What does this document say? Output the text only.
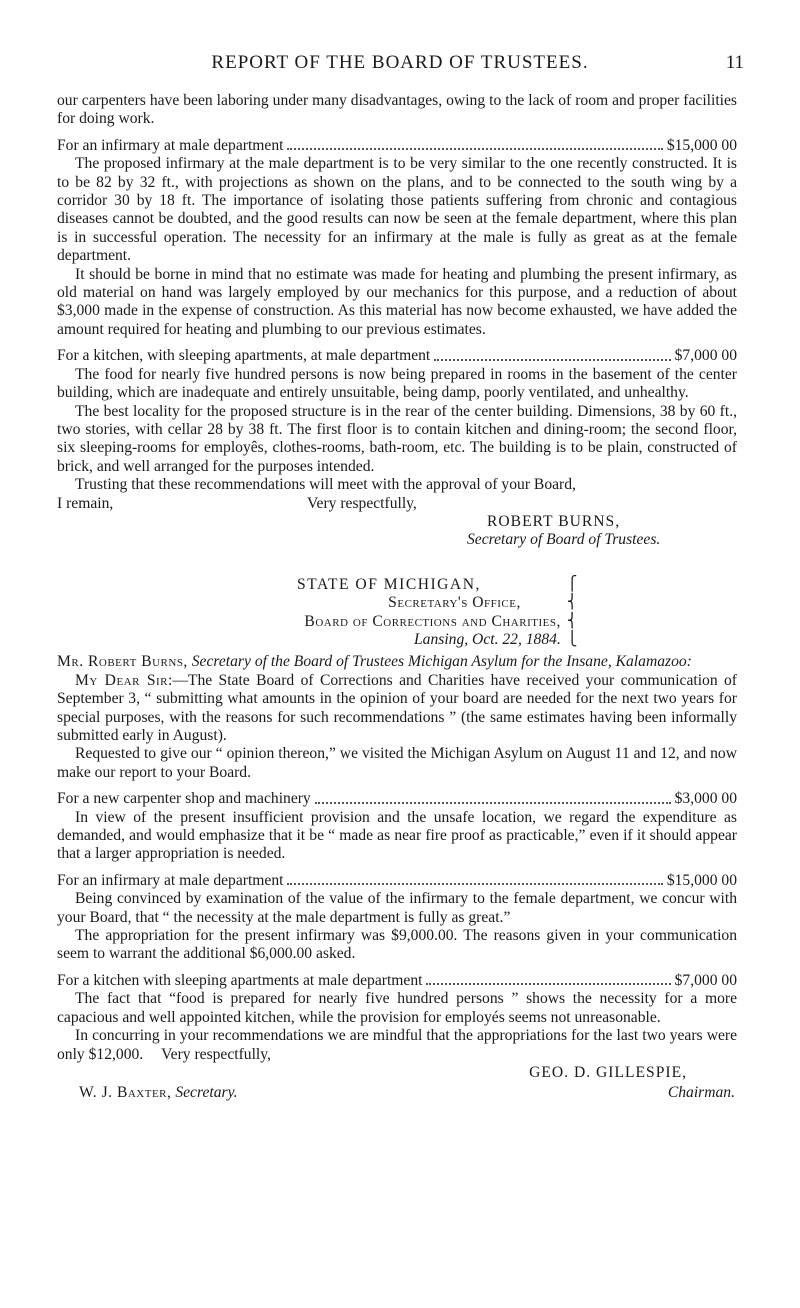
REPORT OF THE BOARD OF TRUSTEES.	11

our carpenters have been laboring under many disadvantages, owing to the lack of room and proper facilities for doing work.

For an infirmary at male department	$15,000 00

The proposed infirmary at the male department is to be very similar to the one recently constructed. It is to be 82 by 32 ft., with projections as shown on the plans, and to be connected to the south wing by a corridor 30 by 18 ft. The importance of isolating those patients suffering from chronic and contagious diseases cannot be doubted, and the good results can now be seen at the female department, where this plan is in successful operation. The necessity for an infirmary at the male is fully as great as at the female department.

It should be borne in mind that no estimate was made for heating and plumbing the present infirmary, as old material on hand was largely employed by our mechanics for this purpose, and a reduction of about $3,000 made in the expense of construction. As this material has now become exhausted, we have added the amount required for heating and plumbing to our previous estimates.

For a kitchen, with sleeping apartments, at male department	$7,000 00

The food for nearly five hundred persons is now being prepared in rooms in the basement of the center building, which are inadequate and entirely unsuitable, being damp, poorly ventilated, and unhealthy.

The best locality for the proposed structure is in the rear of the center building. Dimensions, 38 by 60 ft., two stories, with cellar 28 by 38 ft. The first floor is to contain kitchen and dining-room; the second floor, six sleeping-rooms for employês, clothes-rooms, bath-room, etc. The building is to be plain, constructed of brick, and well arranged for the purposes intended.

Trusting that these recommendations will meet with the approval of your Board,

I remain,	Very respectfully,
ROBERT BURNS,
Secretary of Board of Trustees.
STATE OF MICHIGAN,
Secretary's Office,
Board of Corrections and Charities,
Lansing, Oct. 22, 1884.
⎧
⎨
⎨
⎩

Mr. Robert Burns, Secretary of the Board of Trustees Michigan Asylum for the Insane, Kalamazoo:

My Dear Sir:—The State Board of Corrections and Charities have received your communication of September 3, “ submitting what amounts in the opinion of your board are needed for the next two years for special purposes, with the reasons for such recommendations ” (the same estimates having been informally submitted early in August).

Requested to give our “ opinion thereon,” we visited the Michigan Asylum on August 11 and 12, and now make our report to your Board.

For a new carpenter shop and machinery	$3,000 00

In view of the present insufficient provision and the unsafe location, we regard the expenditure as demanded, and would emphasize that it be “ made as near fire proof as practicable,” even if it should appear that a larger appropriation is needed.

For an infirmary at male department	$15,000 00

Being convinced by examination of the value of the infirmary to the female department, we concur with your Board, that “ the necessity at the male department is fully as great.”

The appropriation for the present infirmary was $9,000.00. The reasons given in your communication seem to warrant the additional $6,000.00 asked.

For a kitchen with sleeping apartments at male department	$7,000 00

The fact that “food is prepared for nearly five hundred persons ” shows the necessity for a more capacious and well appointed kitchen, while the provision for employés seems not unreasonable.

In concurring in your recommendations we are mindful that the appropriations for the last two years were only $12,000. Very respectfully,

GEO. D. GILLESPIE,
W. J. Baxter, Secretary.	Chairman.
